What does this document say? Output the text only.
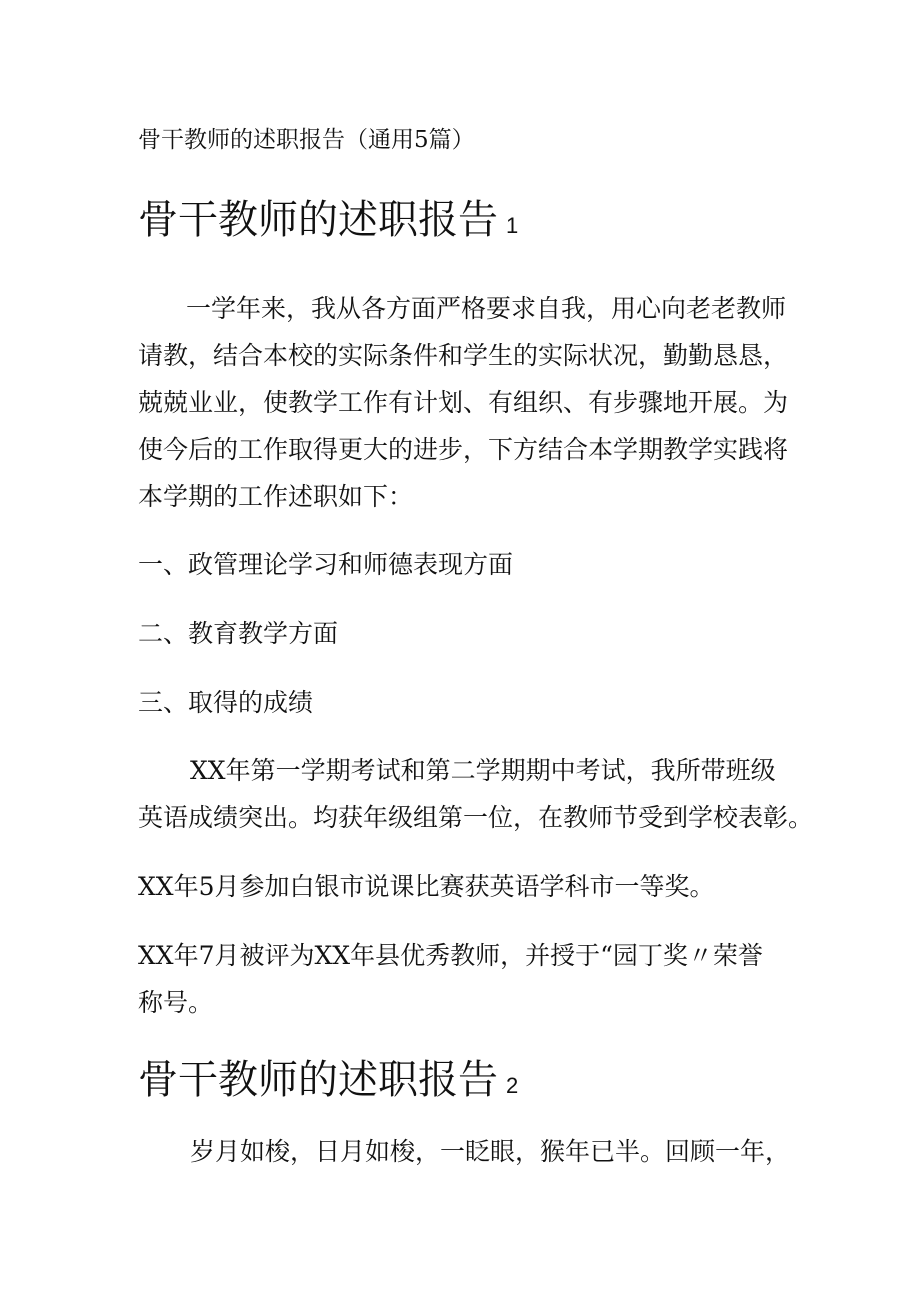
骨干教师的述职报告（通用5篇）
骨干教师的述职报告 1
一学年来，我从各方面严格要求自我，用心向老老教师
请教，结合本校的实际条件和学生的实际状况，勤勤恳恳，
兢兢业业，使教学工作有计划、有组织、有步骤地开展。为
使今后的工作取得更大的进步，下方结合本学期教学实践将
本学期的工作述职如下：
一、政管理论学习和师德表现方面
二、教育教学方面
三、取得的成绩
XX年第一学期考试和第二学期期中考试，我所带班级
英语成绩突出。均获年级组第一位，在教师节受到学校表彰。
XX年5月参加白银市说课比赛获英语学科市一等奖。
XX年7月被评为XX年县优秀教师，并授于“园丁奖〃荣誉
称号。
骨干教师的述职报告 2
岁月如梭，日月如梭，一眨眼，猴年已半。回顾一年，
